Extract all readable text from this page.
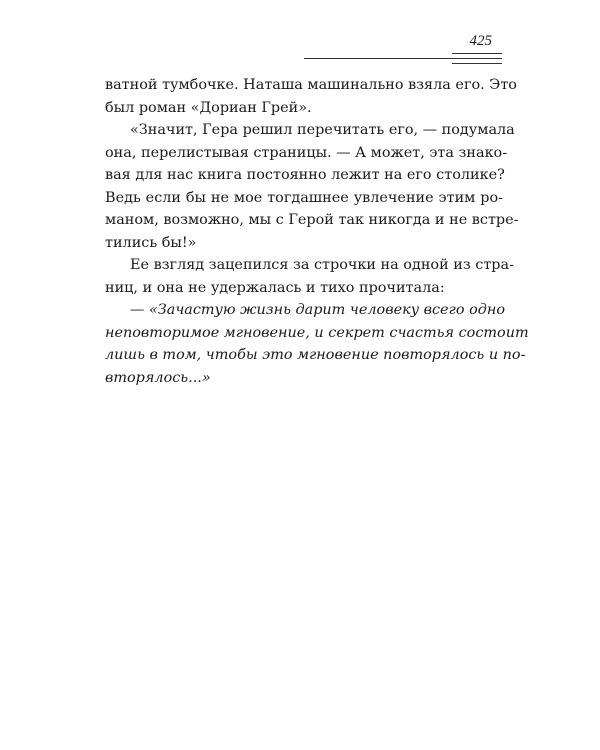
425

ватной тумбочке. Наташа машинально взяла его. Это
был роман «Дориан Грей».

«Значит, Гера решил перечитать его, — подумала
она, перелистывая страницы. — А может, эта знако-
вая для нас книга постоянно лежит на его столике?
Ведь если бы не мое тогдашнее увлечение этим ро-
маном, возможно, мы с Герой так никогда и не встре-
тились бы!»

Ее взгляд зацепился за строчки на одной из стра-
ниц, и она не удержалась и тихо прочитала:

— «Зачастую жизнь дарит человеку всего одно
неповторимое мгновение, и секрет счастья состоит
лишь в том, чтобы это мгновение повторялось и по-
вторялось...»
